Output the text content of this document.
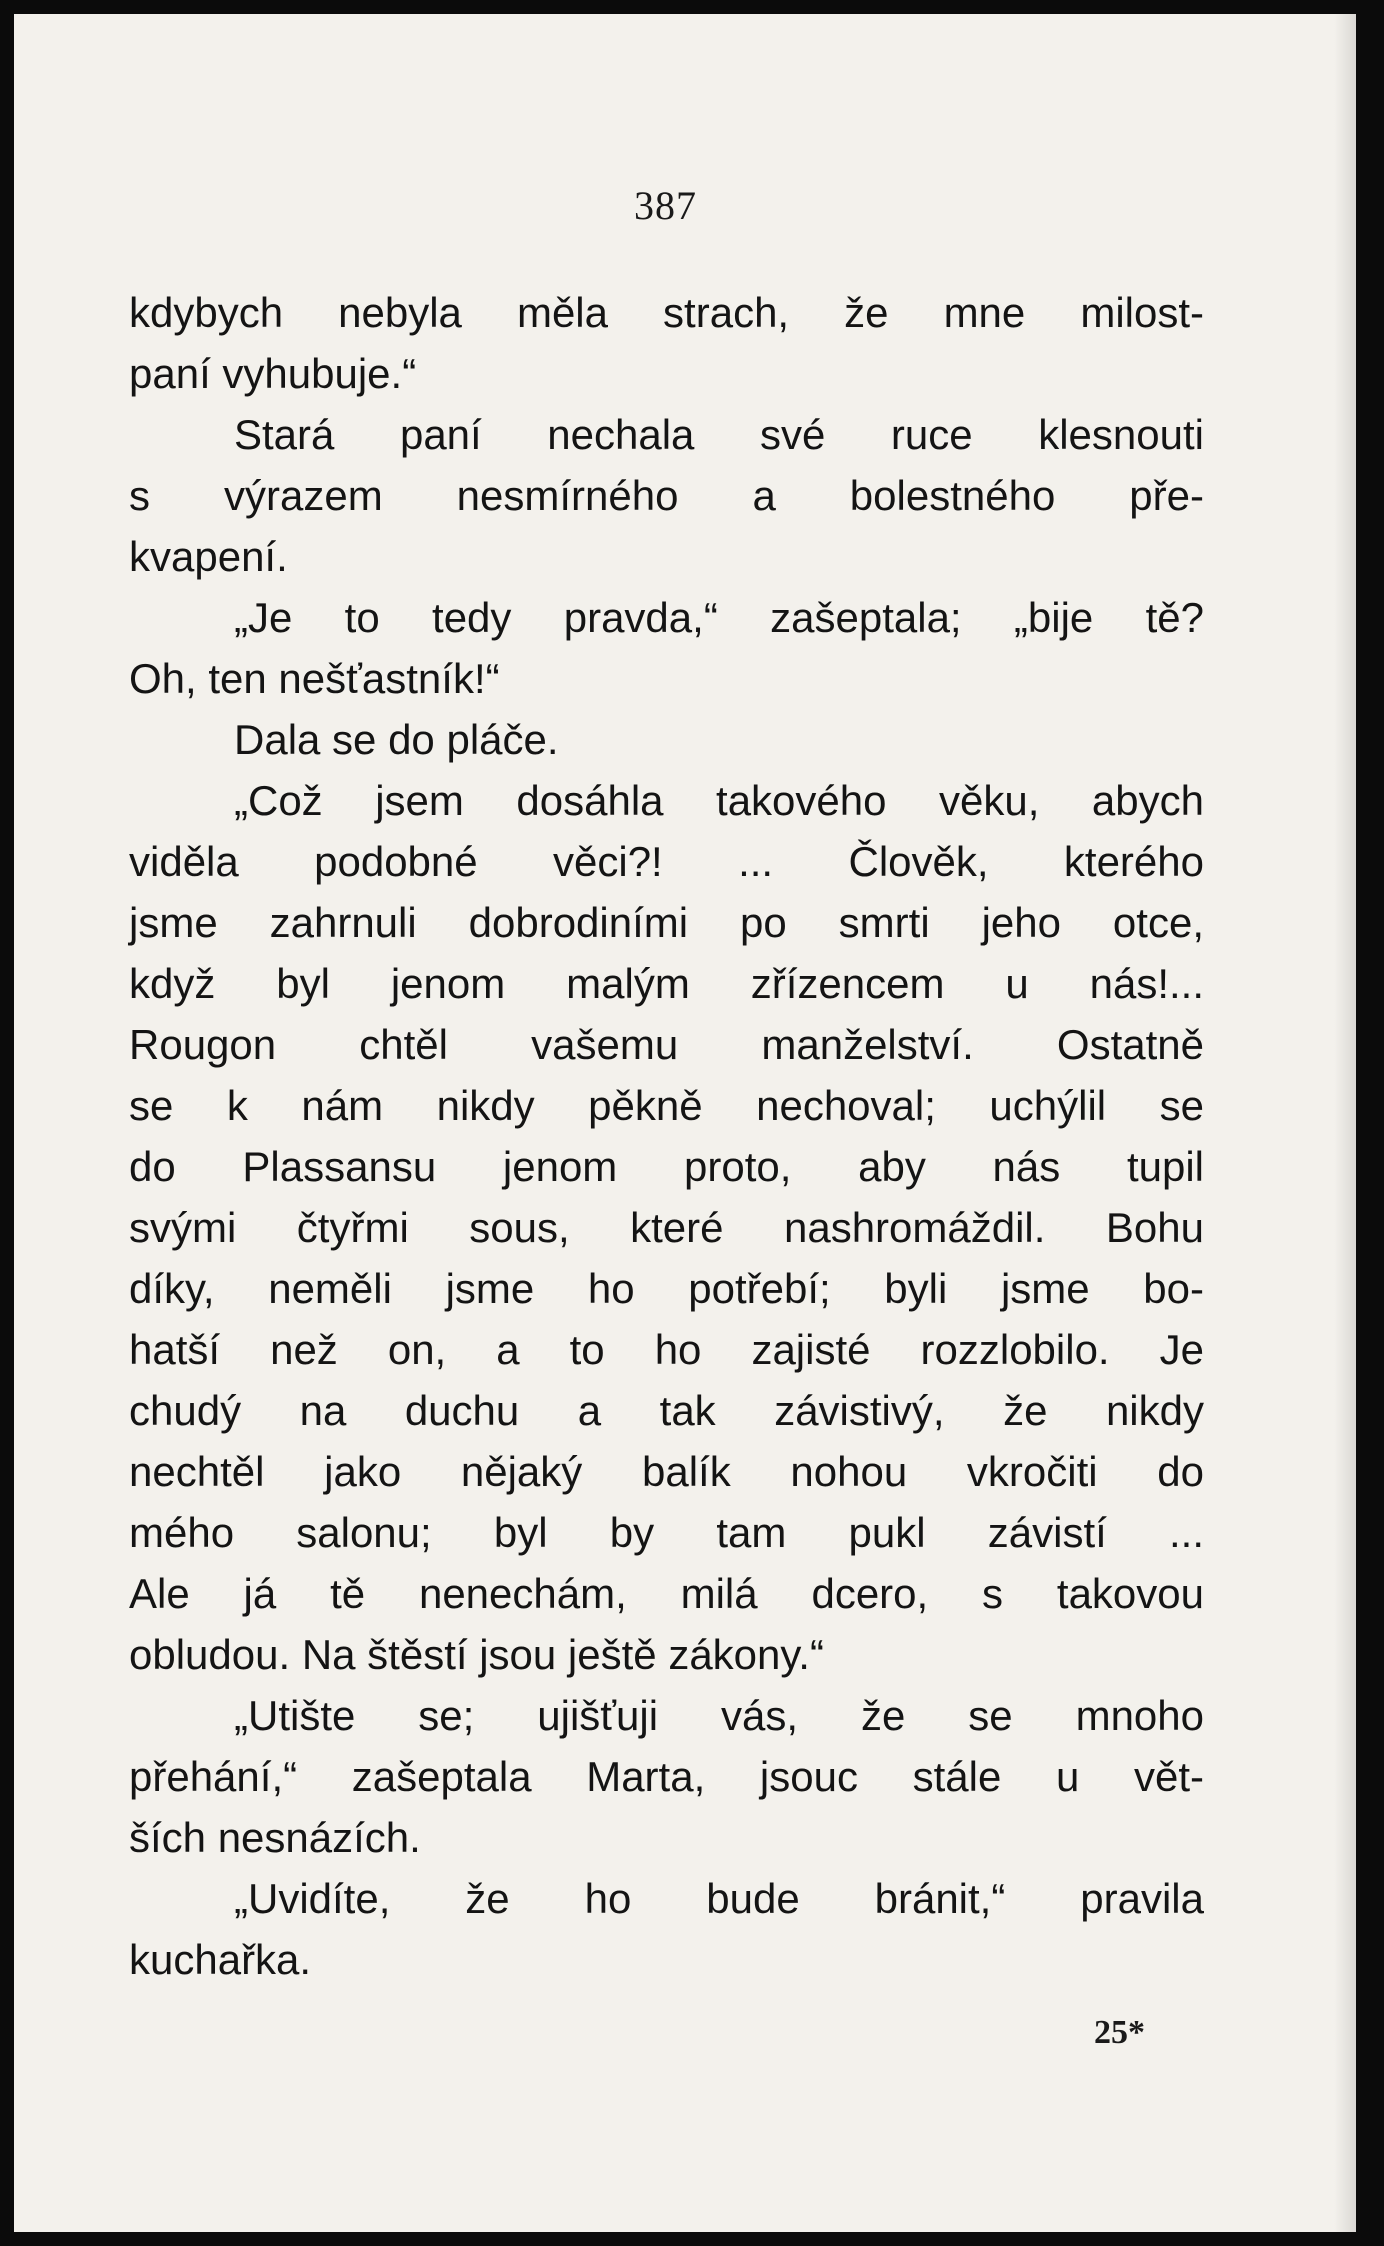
387
kdybych nebyla měla strach, že mne milost-
paní vyhubuje.“
Stará paní nechala své ruce klesnouti
s výrazem nesmírného a bolestného pře-
kvapení.
„Je to tedy pravda,“ zašeptala; „bije tě?
Oh, ten nešťastník!“
Dala se do pláče.
„Což jsem dosáhla takového věku, abych
viděla podobné věci?! ... Člověk, kterého
jsme zahrnuli dobrodiními po smrti jeho otce,
když byl jenom malým zřízencem u nás!...
Rougon chtěl vašemu manželství. Ostatně
se k nám nikdy pěkně nechoval; uchýlil se
do Plassansu jenom proto, aby nás tupil
svými čtyřmi sous, které nashromáždil. Bohu
díky, neměli jsme ho potřebí; byli jsme bo-
hatší než on, a to ho zajisté rozzlobilo. Je
chudý na duchu a tak závistivý, že nikdy
nechtěl jako nějaký balík nohou vkročiti do
mého salonu; byl by tam pukl závistí ...
Ale já tě nenechám, milá dcero, s takovou
obludou. Na štěstí jsou ještě zákony.“
„Utište se; ujišťuji vás, že se mnoho
přehání,“ zašeptala Marta, jsouc stále u vět-
ších nesnázích.
„Uvidíte, že ho bude bránit,“ pravila
kuchařka.
25*
